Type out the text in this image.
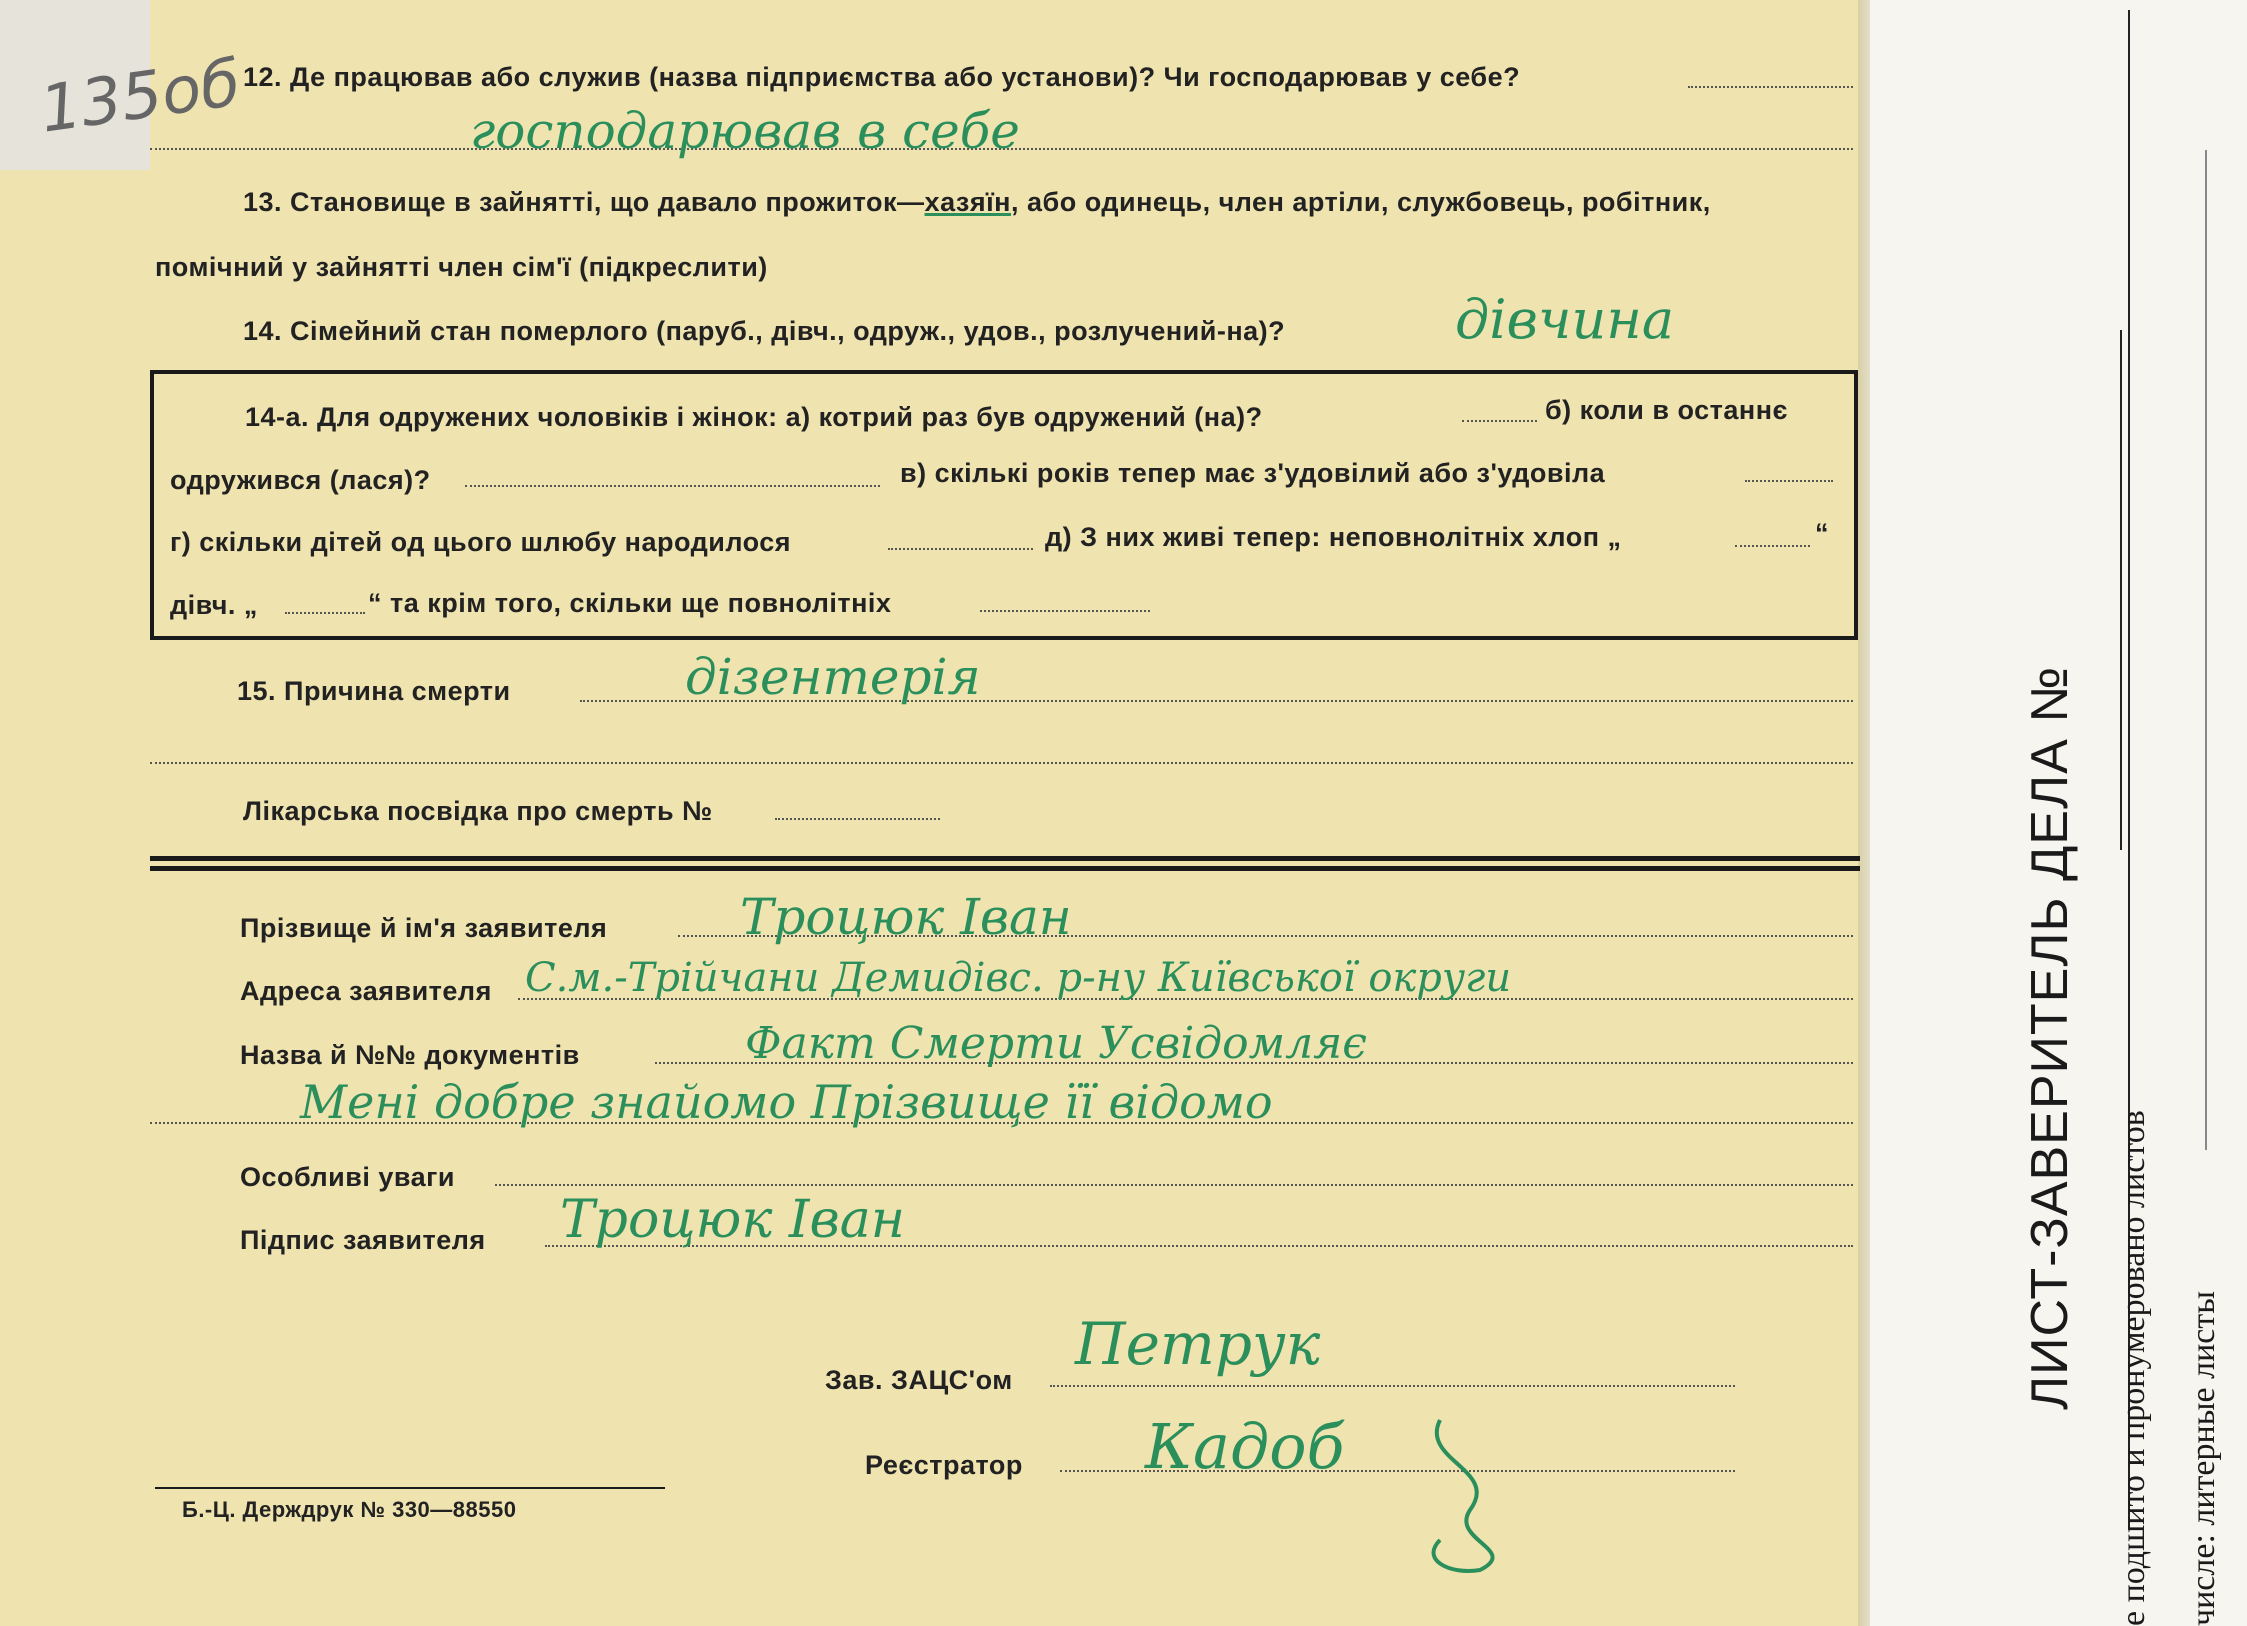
135об
12. Де працював або служив (назва підприємства або установи)? Чи господарював у себе?
господарював в себе
13. Становище в зайнятті, що давало прожиток—хазяїн, або одинець, член артіли, службовець, робітник,
помічний у зайнятті член сім'ї (підкреслити)
14. Сімейний стан померлого (паруб., дівч., одруж., удов., розлучений-на)?	дівчина
14-а. Для одружених чоловіків і жінок: а) котрий раз був одружений (на)?	б) коли в останнє
одружився (лася)?	в) скількі років тепер має з'удовілий або з'удовіла
г) скільки дітей од цього шлюбу народилося	д) З них живі тепер: неповнолітніх хлоп „	“
дівч. „	“ та крім того, скільки ще повнолітніх
15. Причина смерти	дізентерія
Лікарська посвідка про смерть №
Прізвище й ім'я заявителя	Троцюк Іван
Адреса заявителя С.м.-Трійчани Демидівс. р-ну Київської округи
Назва й №№ документів	Факт Смерти Усвідомляє
Мені добре знайомо Прізвище її відомо
Особливі уваги
Підпис заявителя Троцюк Іван
Зав. ЗАЦС'ом
Петрук
Реєстратор Кадоб
Б.-Ц. Держдрук № 330—88550
ЛИСТ-ЗАВЕРИТЕЛЬ ДЕЛА № е подшито и пронумеровано листов числе: литерные листы
